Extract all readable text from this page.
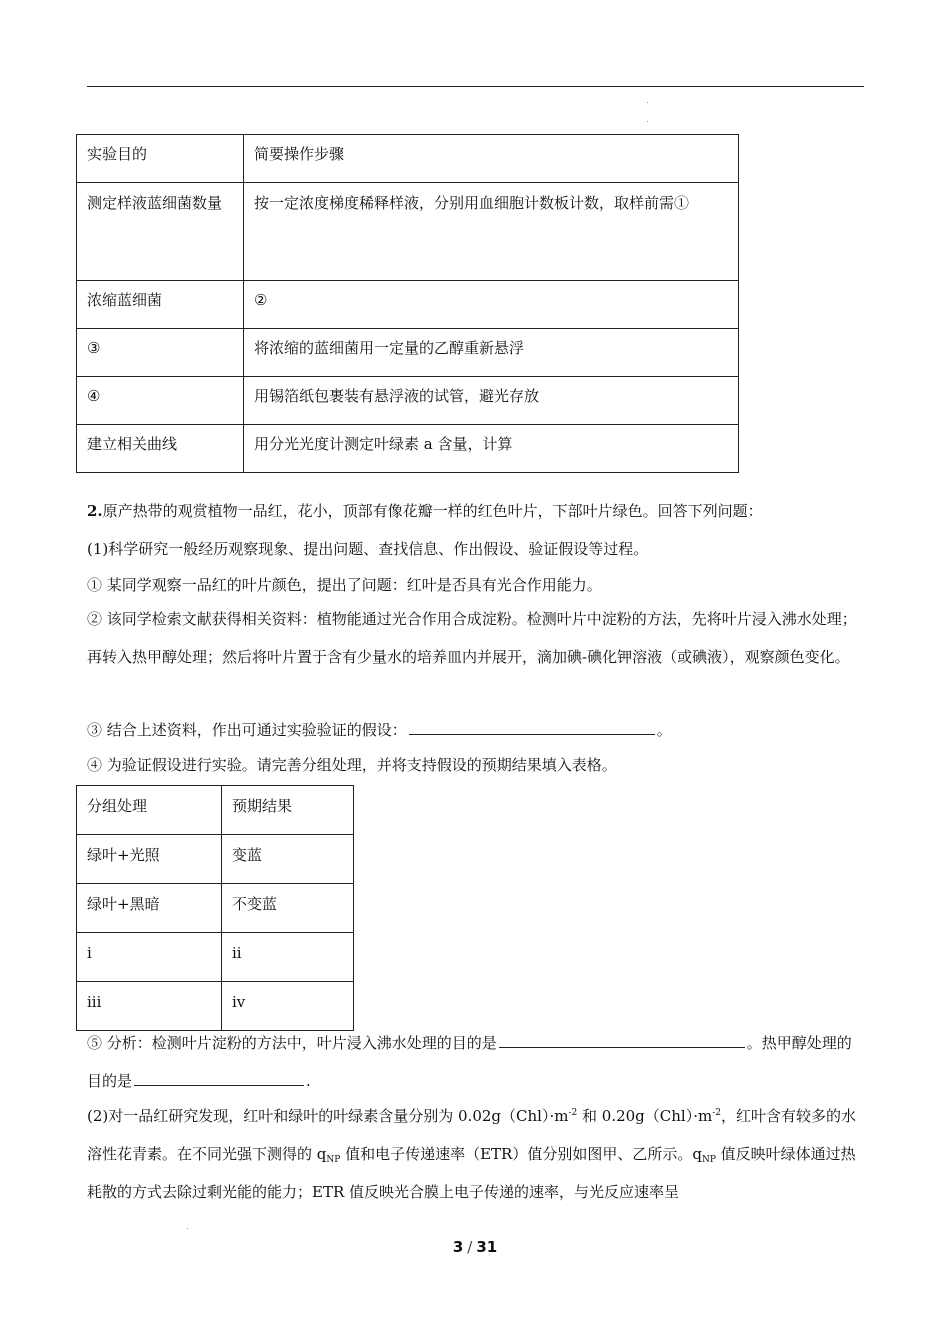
实验目的	简要操作步骤
测定样液蓝细菌数量	按一定浓度梯度稀释样液，分别用血细胞计数板计数，取样前需①
浓缩蓝细菌	②
③	将浓缩的蓝细菌用一定量的乙醇重新悬浮
④	用锡箔纸包裹装有悬浮液的试管，避光存放
建立相关曲线	用分光光度计测定叶绿素 a 含量，计算

2.原产热带的观赏植物一品红，花小，顶部有像花瓣一样的红色叶片，下部叶片绿色。回答下列问题：

(1)科学研究一般经历观察现象、提出问题、查找信息、作出假设、验证假设等过程。

① 某同学观察一品红的叶片颜色，提出了问题：红叶是否具有光合作用能力。

② 该同学检索文献获得相关资料：植物能通过光合作用合成淀粉。检测叶片中淀粉的方法，先将叶片浸入沸水处理；再转入热甲醇处理；然后将叶片置于含有少量水的培养皿内并展开，滴加碘-碘化钾溶液（或碘液），观察颜色变化。

③ 结合上述资料，作出可通过实验验证的假设：	。

④ 为验证假设进行实验。请完善分组处理，并将支持假设的预期结果填入表格。

分组处理	预期结果
绿叶+光照	变蓝
绿叶+黑暗	不变蓝
i	ii
iii	iv

⑤ 分析：检测叶片淀粉的方法中，叶片浸入沸水处理的目的是	。热甲醇处理的目的是	.

(2)对一品红研究发现，红叶和绿叶的叶绿素含量分别为 $0.02g(Chl)\cdot m^{-2}$ 和 $0.20g(Chl)\cdot m^{-2}$，红叶含有较多的水溶性花青素。在不同光强下测得的 $q_{NP}$ 值和电子传递速率（ETR）值分别如图甲、乙所示。$q_{NP}$ 值反映叶绿体通过热耗散的方式去除过剩光能的能力；ETR 值反映光合膜上电子传递的速率，与光反应速率呈

3 / 31
